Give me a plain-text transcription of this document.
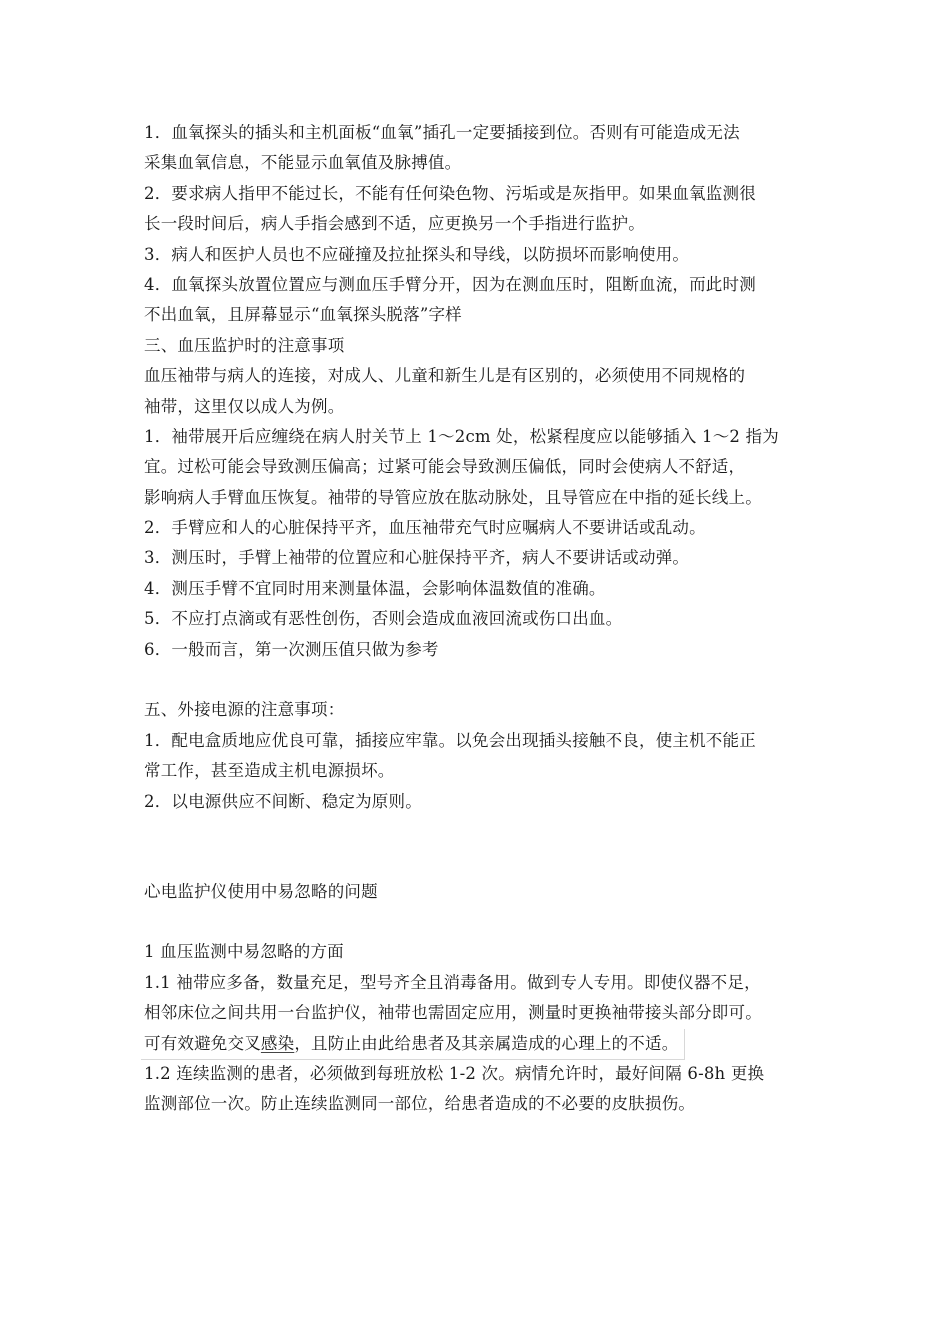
1．血氧探头的插头和主机面板“血氧”插孔一定要插接到位。否则有可能造成无法
采集血氧信息，不能显示血氧值及脉搏值。
2．要求病人指甲不能过长，不能有任何染色物、污垢或是灰指甲。如果血氧监测很
长一段时间后，病人手指会感到不适，应更换另一个手指进行监护。
3．病人和医护人员也不应碰撞及拉扯探头和导线，以防损坏而影响使用。
4．血氧探头放置位置应与测血压手臂分开，因为在测血压时，阻断血流，而此时测
不出血氧，且屏幕显示“血氧探头脱落”字样
三、血压监护时的注意事项
血压袖带与病人的连接，对成人、儿童和新生儿是有区别的，必须使用不同规格的
袖带，这里仅以成人为例。
1．袖带展开后应缠绕在病人肘关节上 1～2cm 处，松紧程度应以能够插入 1～2 指为
宜。过松可能会导致测压偏高；过紧可能会导致测压偏低，同时会使病人不舒适，
影响病人手臂血压恢复。袖带的导管应放在肱动脉处，且导管应在中指的延长线上。
2．手臂应和人的心脏保持平齐，血压袖带充气时应嘱病人不要讲话或乱动。
3．测压时，手臂上袖带的位置应和心脏保持平齐，病人不要讲话或动弹。
4．测压手臂不宜同时用来测量体温，会影响体温数值的准确。
5．不应打点滴或有恶性创伤，否则会造成血液回流或伤口出血。
6．一般而言，第一次测压值只做为参考
五、外接电源的注意事项：
1．配电盒质地应优良可靠，插接应牢靠。以免会出现插头接触不良，使主机不能正
常工作，甚至造成主机电源损坏。
2．以电源供应不间断、稳定为原则。
心电监护仪使用中易忽略的问题
1 血压监测中易忽略的方面
1.1 袖带应多备，数量充足，型号齐全且消毒备用。做到专人专用。即使仪器不足，
相邻床位之间共用一台监护仪，袖带也需固定应用，测量时更换袖带接头部分即可。
可有效避免交叉感染，且防止由此给患者及其亲属造成的心理上的不适。
1.2 连续监测的患者，必须做到每班放松 1-2 次。病情允许时，最好间隔 6-8h 更换
监测部位一次。防止连续监测同一部位，给患者造成的不必要的皮肤损伤。
